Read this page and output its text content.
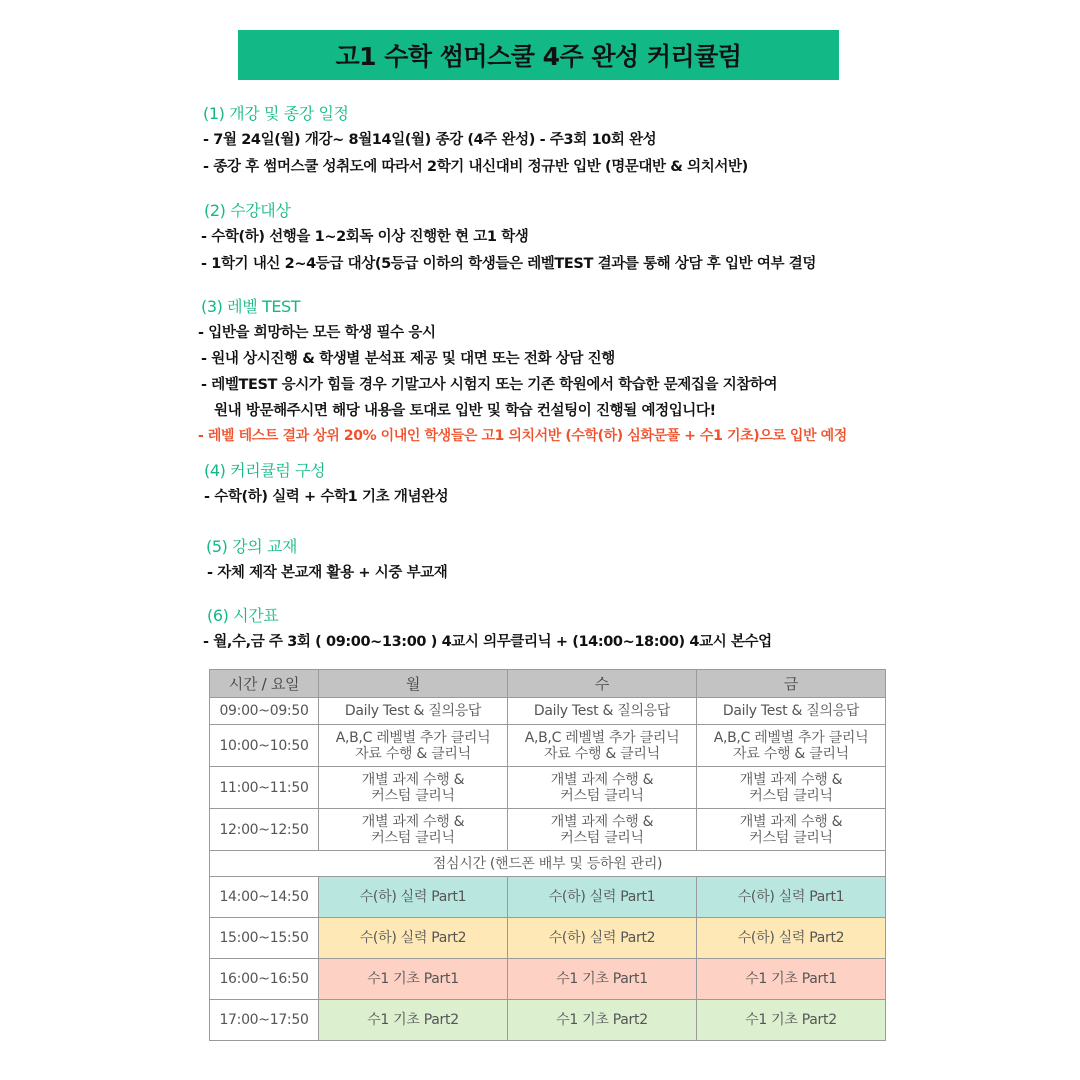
고1 수학 썸머스쿨 4주 완성 커리큘럼
(1) 개강 및 종강 일정
- 7월 24일(월) 개강~ 8월14일(월) 종강 (4주 완성) - 주3회 10회 완성
- 종강 후 썸머스쿨 성취도에 따라서 2학기 내신대비 정규반 입반 (명문대반 & 의치서반)
(2) 수강대상
- 수학(하) 선행을 1~2회독 이상 진행한 현 고1 학생
- 1학기 내신 2~4등급 대상(5등급 이하의 학생들은 레벨TEST 결과를 통해 상담 후 입반 여부 결덩
(3) 레벨 TEST
- 입반을 희망하는 모든 학생 필수 응시
- 원내 상시진행 & 학생별 분석표 제공 및 대면 또는 전화 상담 진행
- 레벨TEST 응시가 힘들 경우 기말고사 시험지 또는 기존 학원에서 학습한 문제집을 지참하여
원내 방문해주시면 해당 내용을 토대로 입반 및 학습 컨설팅이 진행될 예정입니다!
- 레벨 테스트 결과 상위 20% 이내인 학생들은 고1 의치서반 (수학(하) 심화문풀 + 수1 기초)으로 입반 예정
(4) 커리큘럼 구성
- 수학(하) 실력 + 수학1 기초 개념완성
(5) 강의 교재
- 자체 제작 본교재 활용 + 시중 부교재
(6) 시간표
- 월,수,금 주 3회 ( 09:00~13:00 ) 4교시 의무클리닉 + (14:00~18:00) 4교시 본수업
시간 / 요일	월	수	금
09:00~09:50	Daily Test & 질의응답	Daily Test & 질의응답	Daily Test & 질의응답
10:00~10:50	A,B,C 레벨별 추가 클리닉
자료 수행 & 클리닉	A,B,C 레벨별 추가 클리닉
자료 수행 & 클리닉	A,B,C 레벨별 추가 클리닉
자료 수행 & 클리닉

11:00~11:50	개별 과제 수행 &
커스텀 클리닉	개별 과제 수행 &
커스텀 클리닉	개별 과제 수행 &
커스텀 클리닉

12:00~12:50	개별 과제 수행 &
커스텀 클리닉	개별 과제 수행 &
커스텀 클리닉	개별 과제 수행 &
커스텀 클리닉

점심시간 (핸드폰 배부 및 등하원 관리)			
14:00~14:50	수(하) 실력 Part1	수(하) 실력 Part1	수(하) 실력 Part1
15:00~15:50	수(하) 실력 Part2	수(하) 실력 Part2	수(하) 실력 Part2
16:00~16:50	수1 기초 Part1	수1 기초 Part1	수1 기초 Part1
17:00~17:50	수1 기초 Part2	수1 기초 Part2	수1 기초 Part2
